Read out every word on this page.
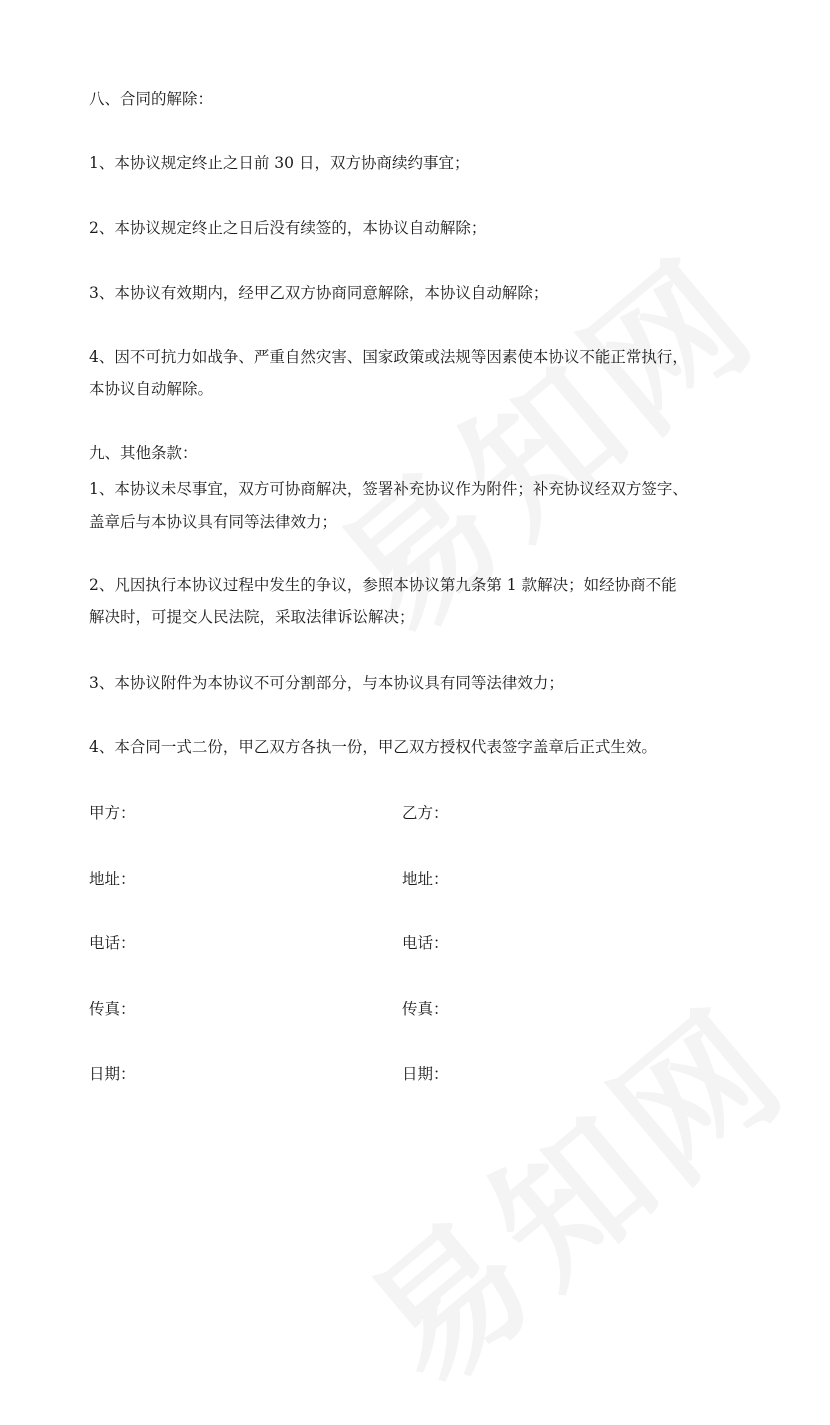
八、合同的解除：
1、本协议规定终止之日前 30 日，双方协商续约事宜；
2、本协议规定终止之日后没有续签的，本协议自动解除；
3、本协议有效期内，经甲乙双方协商同意解除，本协议自动解除；
4、因不可抗力如战争、严重自然灾害、国家政策或法规等因素使本协议不能正常执行，
本协议自动解除。
九、其他条款：
1、本协议未尽事宜，双方可协商解决，签署补充协议作为附件；补充协议经双方签字、
盖章后与本协议具有同等法律效力；
2、凡因执行本协议过程中发生的争议，参照本协议第九条第 1 款解决；如经协商不能
解决时，可提交人民法院，采取法律诉讼解决；
3、本协议附件为本协议不可分割部分，与本协议具有同等法律效力；
4、本合同一式二份，甲乙双方各执一份，甲乙双方授权代表签字盖章后正式生效。
甲方：	乙方：
地址：	地址：
电话：	电话：
传真：	传真：
日期：	日期：
